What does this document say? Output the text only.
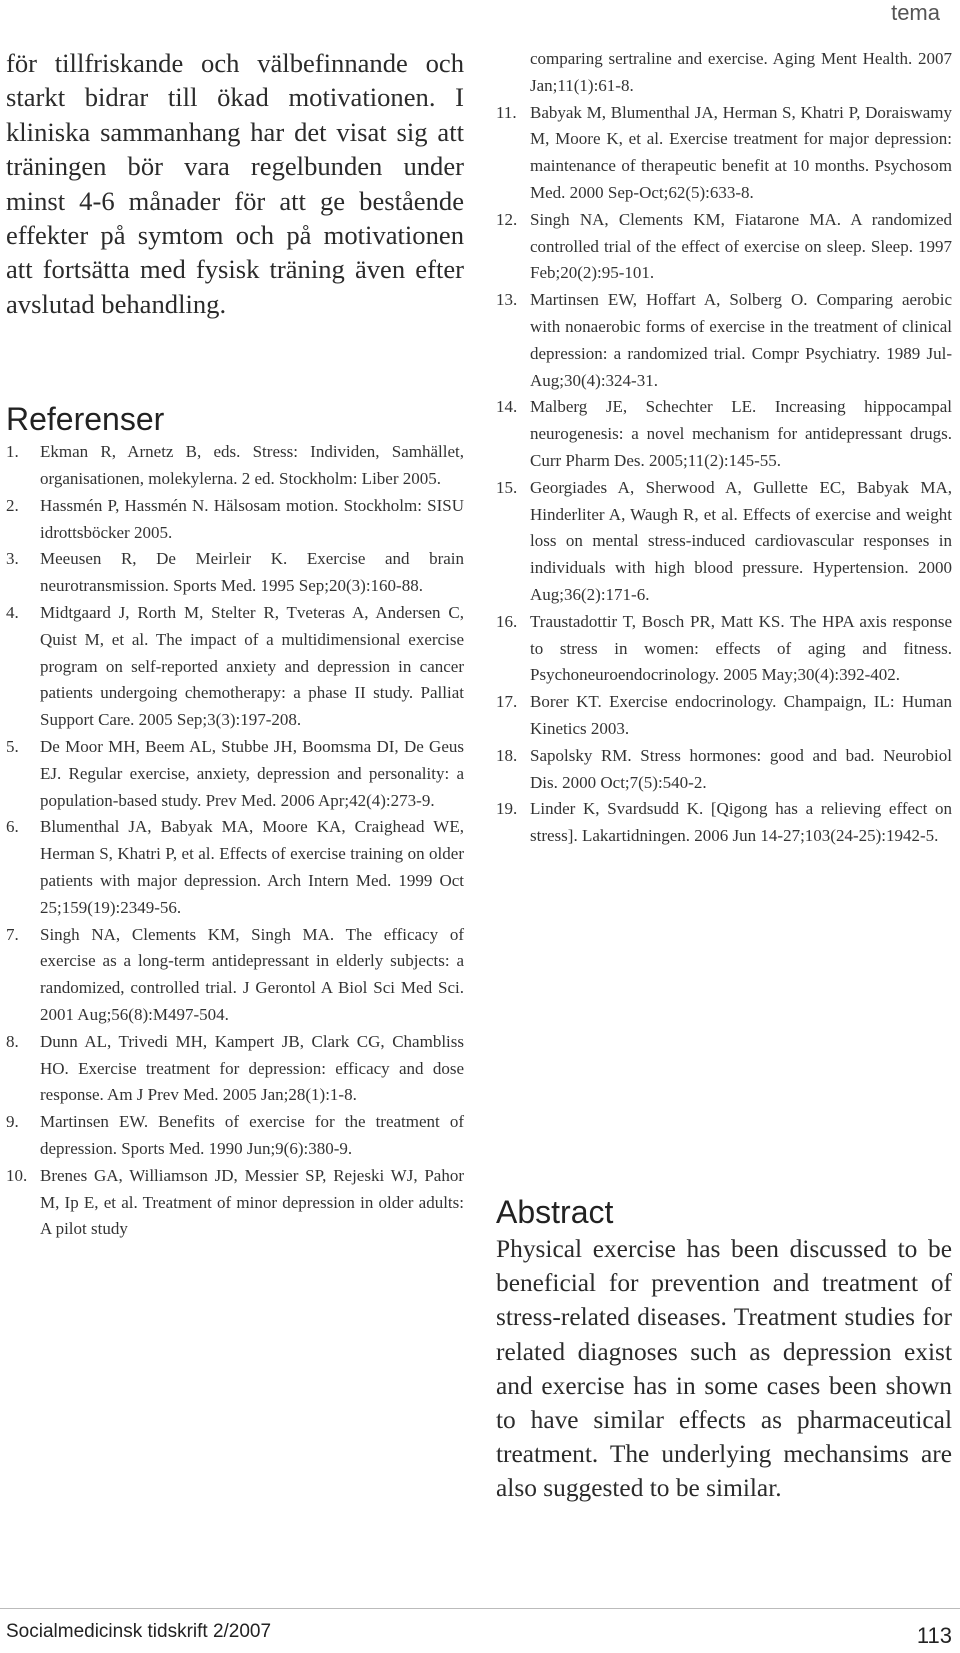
tema

för tillfriskande och välbefinnande och starkt bidrar till ökad motivationen. I kliniska sammanhang har det visat sig att träningen bör vara regelbunden under minst 4-6 månader för att ge bestående effekter på symtom och på motivationen att fortsätta med fysisk träning även efter avslutad behandling.

Referenser
1.	Ekman R, Arnetz B, eds. Stress: Individen, Samhället, organisationen, molekylerna. 2 ed. Stockholm: Liber 2005.
2.	Hassmén P, Hassmén N. Hälsosam motion. Stockholm: SISU idrottsböcker 2005.
3.	Meeusen R, De Meirleir K. Exercise and brain neurotransmission. Sports Med. 1995 Sep;20(3):160-88.
4.	Midtgaard J, Rorth M, Stelter R, Tveteras A, Andersen C, Quist M, et al. The impact of a multidimensional exercise program on self-reported anxiety and depression in cancer patients undergoing chemotherapy: a phase II study. Palliat Support Care. 2005 Sep;3(3):197-208.
5.	De Moor MH, Beem AL, Stubbe JH, Boomsma DI, De Geus EJ. Regular exercise, anxiety, depression and personality: a population-based study. Prev Med. 2006 Apr;42(4):273-9.
6.	Blumenthal JA, Babyak MA, Moore KA, Craighead WE, Herman S, Khatri P, et al. Effects of exercise training on older patients with major depression. Arch Intern Med. 1999 Oct 25;159(19):2349-56.
7.	Singh NA, Clements KM, Singh MA. The efficacy of exercise as a long-term antidepressant in elderly subjects: a randomized, controlled trial. J Gerontol A Biol Sci Med Sci. 2001 Aug;56(8):M497-504.
8.	Dunn AL, Trivedi MH, Kampert JB, Clark CG, Chambliss HO. Exercise treatment for depression: efficacy and dose response. Am J Prev Med. 2005 Jan;28(1):1-8.
9.	Martinsen EW. Benefits of exercise for the treatment of depression. Sports Med. 1990 Jun;9(6):380-9.
10. Brenes GA, Williamson JD, Messier SP, Rejeski WJ, Pahor M, Ip E, et al. Treatment of minor depression in older adults: A pilot study
comparing sertraline and exercise. Aging Ment Health. 2007 Jan;11(1):61-8.
11. Babyak M, Blumenthal JA, Herman S, Khatri P, Doraiswamy M, Moore K, et al. Exercise treatment for major depression: maintenance of therapeutic benefit at 10 months. Psychosom Med. 2000 Sep-Oct;62(5):633-8.
12. Singh NA, Clements KM, Fiatarone MA. A randomized controlled trial of the effect of exercise on sleep. Sleep. 1997 Feb;20(2):95-101.
13. Martinsen EW, Hoffart A, Solberg O. Comparing aerobic with nonaerobic forms of exercise in the treatment of clinical depression: a randomized trial. Compr Psychiatry. 1989 Jul-Aug;30(4):324-31.
14. Malberg JE, Schechter LE. Increasing hippocampal neurogenesis: a novel mechanism for antidepressant drugs. Curr Pharm Des. 2005;11(2):145-55.
15. Georgiades A, Sherwood A, Gullette EC, Babyak MA, Hinderliter A, Waugh R, et al. Effects of exercise and weight loss on mental stress-induced cardiovascular responses in individuals with high blood pressure. Hypertension. 2000 Aug;36(2):171-6.
16. Traustadottir T, Bosch PR, Matt KS. The HPA axis response to stress in women: effects of aging and fitness. Psychoneuroendocrinology. 2005 May;30(4):392-402.
17. Borer KT. Exercise endocrinology. Champaign, IL: Human Kinetics 2003.
18. Sapolsky RM. Stress hormones: good and bad. Neurobiol Dis. 2000 Oct;7(5):540-2.
19. Linder K, Svardsudd K. [Qigong has a relieving effect on stress]. Lakartidningen. 2006 Jun 14-27;103(24-25):1942-5.
Abstract

Physical exercise has been discussed to be beneficial for prevention and treatment of stress-related diseases. Treatment studies for related diagnoses such as depression exist and exercise has in some cases been shown to have similar effects as pharmaceutical treatment. The underlying mechansims are also suggested to be similar.

Socialmedicinsk tidskrift 2/2007	113
